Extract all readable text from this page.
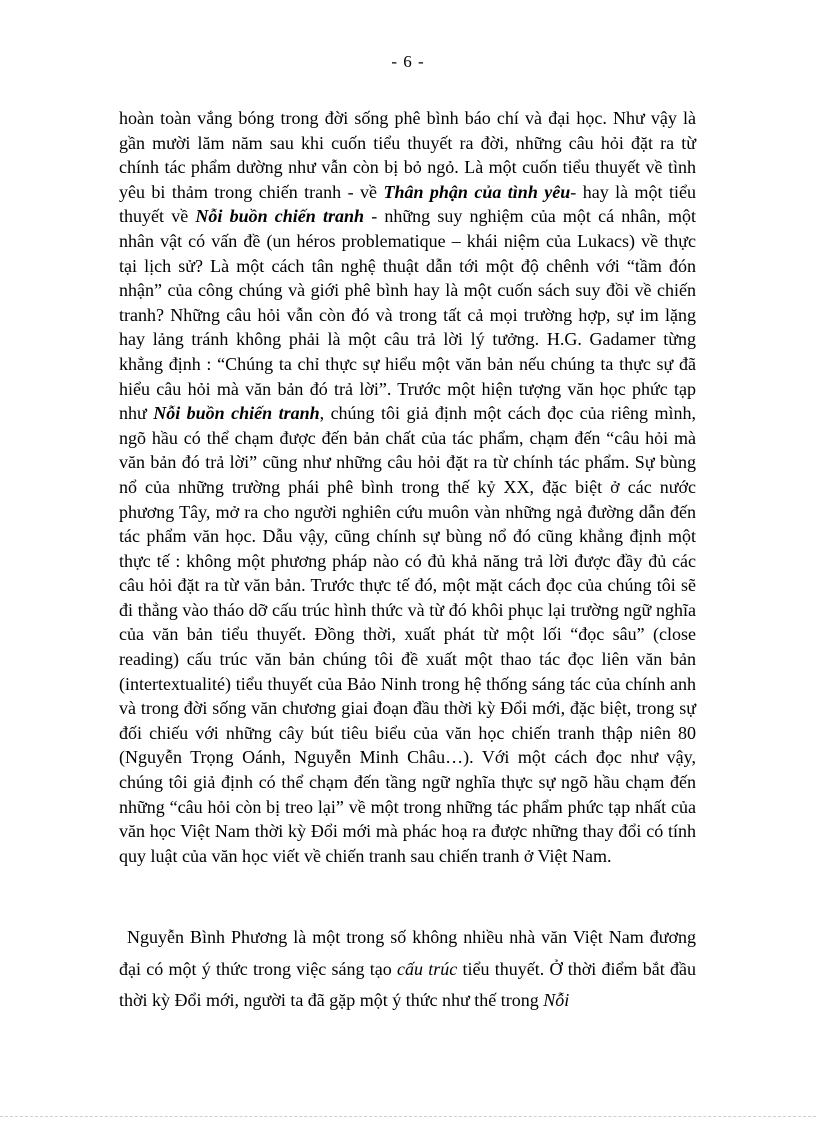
- 6 -

hoàn toàn vắng bóng trong đời sống phê bình báo chí và đại học. Như vậy là gần mười lăm năm sau khi cuốn tiểu thuyết ra đời, những câu hỏi đặt ra từ chính tác phẩm dường như vẫn còn bị bỏ ngỏ. Là một cuốn tiểu thuyết về tình yêu bi thảm trong chiến tranh - về Thân phận của tình yêu- hay là một tiểu thuyết về Nỗi buồn chiến tranh - những suy nghiệm của một cá nhân, một nhân vật có vấn đề (un héros problematique – khái niệm của Lukacs) về thực tại lịch sử? Là một cách tân nghệ thuật dẫn tới một độ chênh với “tầm đón nhận” của công chúng và giới phê bình hay là một cuốn sách suy đồi về chiến tranh? Những câu hỏi vẫn còn đó và trong tất cả mọi trường hợp, sự im lặng hay lảng tránh không phải là một câu trả lời lý tưởng. H.G. Gadamer từng khẳng định : “Chúng ta chỉ thực sự hiểu một văn bản nếu chúng ta thực sự đã hiểu câu hỏi mà văn bản đó trả lời”. Trước một hiện tượng văn học phức tạp như Nỗi buồn chiến tranh, chúng tôi giả định một cách đọc của riêng mình, ngõ hầu có thể chạm được đến bản chất của tác phẩm, chạm đến “câu hỏi mà văn bản đó trả lời” cũng như những câu hỏi đặt ra từ chính tác phẩm. Sự bùng nổ của những trường phái phê bình trong thế kỷ XX, đặc biệt ở các nước phương Tây, mở ra cho người nghiên cứu muôn vàn những ngả đường dẫn đến tác phẩm văn học. Dẫu vậy, cũng chính sự bùng nổ đó cũng khẳng định một thực tế : không một phương pháp nào có đủ khả năng trả lời được đầy đủ các câu hỏi đặt ra từ văn bản. Trước thực tế đó, một mặt cách đọc của chúng tôi sẽ đi thẳng vào tháo dỡ cấu trúc hình thức và từ đó khôi phục lại trường ngữ nghĩa của văn bản tiểu thuyết. Đồng thời, xuất phát từ một lối “đọc sâu” (close reading) cấu trúc văn bản chúng tôi đề xuất một thao tác đọc liên văn bản (intertextualité) tiểu thuyết của Bảo Ninh trong hệ thống sáng tác của chính anh và trong đời sống văn chương giai đoạn đầu thời kỳ Đổi mới, đặc biệt, trong sự đối chiếu với những cây bút tiêu biểu của văn học chiến tranh thập niên 80 (Nguyễn Trọng Oánh, Nguyễn Minh Châu…). Với một cách đọc như vậy, chúng tôi giả định có thể chạm đến tầng ngữ nghĩa thực sự ngõ hầu chạm đến những “câu hỏi còn bị treo lại” về một trong những tác phẩm phức tạp nhất của văn học Việt Nam thời kỳ Đổi mới mà phác hoạ ra được những thay đổi có tính quy luật của văn học viết về chiến tranh sau chiến tranh ở Việt Nam.

Nguyễn Bình Phương là một trong số không nhiều nhà văn Việt Nam đương đại có một ý thức trong việc sáng tạo cấu trúc tiểu thuyết. Ở thời điểm bắt đầu thời kỳ Đổi mới, người ta đã gặp một ý thức như thế trong Nỗi
